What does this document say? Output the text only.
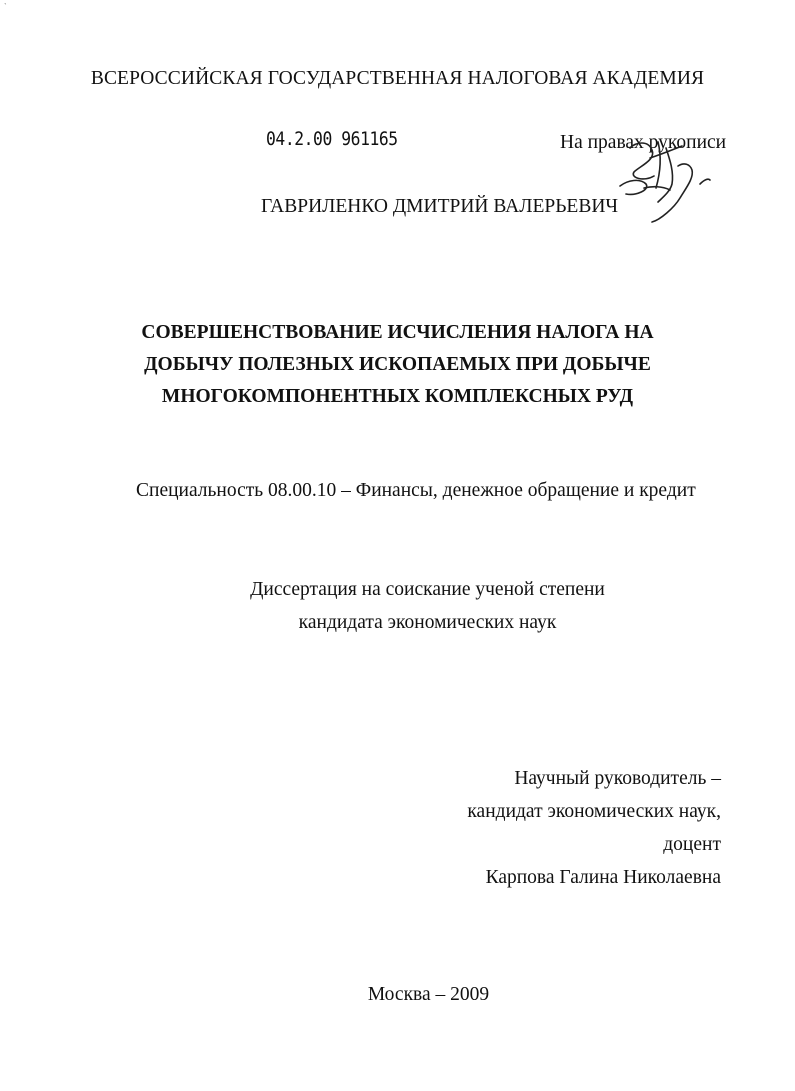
`
ВСЕРОССИЙСКАЯ ГОСУДАРСТВЕННАЯ НАЛОГОВАЯ АКАДЕМИЯ
04.2.00 961165	На правах рукописи
ГАВРИЛЕНКО ДМИТРИЙ ВАЛЕРЬЕВИЧ
СОВЕРШЕНСТВОВАНИЕ ИСЧИСЛЕНИЯ НАЛОГА НА
ДОБЫЧУ ПОЛЕЗНЫХ ИСКОПАЕМЫХ ПРИ ДОБЫЧЕ
МНОГОКОМПОНЕНТНЫХ КОМПЛЕКСНЫХ РУД
Специальность 08.00.10 – Финансы, денежное обращение и кредит
Диссертация на соискание ученой степени
кандидата экономических наук
Научный руководитель –
кандидат экономических наук,
доцент
Карпова Галина Николаевна
Москва – 2009
